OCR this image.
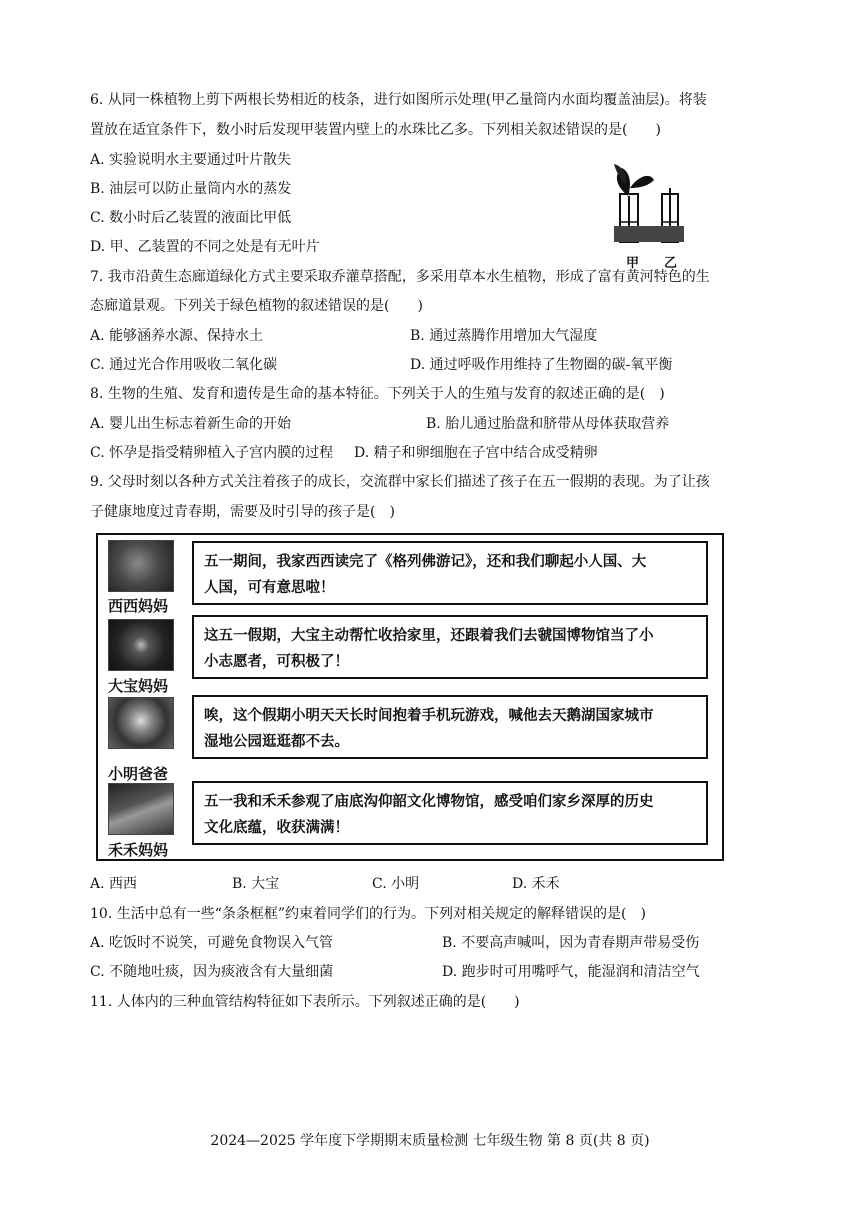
6. 从同一株植物上剪下两根长势相近的枝条，进行如图所示处理(甲乙量筒内水面均覆盖油层)。将装
置放在适宜条件下，数小时后发现甲装置内壁上的水珠比乙多。下列相关叙述错误的是(　　)
A. 实验说明水主要通过叶片散失
B. 油层可以防止量筒内水的蒸发
C. 数小时后乙装置的液面比甲低
D. 甲、乙装置的不同之处是有无叶片
甲 乙
7. 我市沿黄生态廊道绿化方式主要采取乔灌草搭配，多采用草本水生植物，形成了富有黄河特色的生
态廊道景观。下列关于绿色植物的叙述错误的是(　　)
A. 能够涵养水源、保持水土	B. 通过蒸腾作用增加大气湿度
C. 通过光合作用吸收二氧化碳	D. 通过呼吸作用维持了生物圈的碳-氧平衡
8. 生物的生殖、发育和遗传是生命的基本特征。下列关于人的生殖与发育的叙述正确的是(　)
A. 婴儿出生标志着新生命的开始	B. 胎儿通过胎盘和脐带从母体获取营养
C. 怀孕是指受精卵植入子宫内膜的过程 D. 精子和卵细胞在子宫中结合成受精卵
9. 父母时刻以各种方式关注着孩子的成长，交流群中家长们描述了孩子在五一假期的表现。为了让孩
子健康地度过青春期，需要及时引导的孩子是(　)
西西妈妈
五一期间，我家西西读完了《格列佛游记》，还和我们聊起小人国、大
人国，可有意思啦！
大宝妈妈
这五一假期，大宝主动帮忙收拾家里，还跟着我们去虢国博物馆当了小
小志愿者，可积极了！
小明爸爸
唉，这个假期小明天天长时间抱着手机玩游戏，喊他去天鹅湖国家城市
湿地公园逛逛都不去。
禾禾妈妈
五一我和禾禾参观了庙底沟仰韶文化博物馆，感受咱们家乡深厚的历史
文化底蕴，收获满满！
A. 西西	B. 大宝	C. 小明	D. 禾禾
10. 生活中总有一些“条条框框”约束着同学们的行为。下列对相关规定的解释错误的是(　)
A. 吃饭时不说笑，可避免食物误入气管	B. 不要高声喊叫，因为青春期声带易受伤
C. 不随地吐痰，因为痰液含有大量细菌	D. 跑步时可用嘴呼气，能湿润和清洁空气
11. 人体内的三种血管结构特征如下表所示。下列叙述正确的是(　　)
2024—2025 学年度下学期期末质量检测 七年级生物 第 8 页(共 8 页)
